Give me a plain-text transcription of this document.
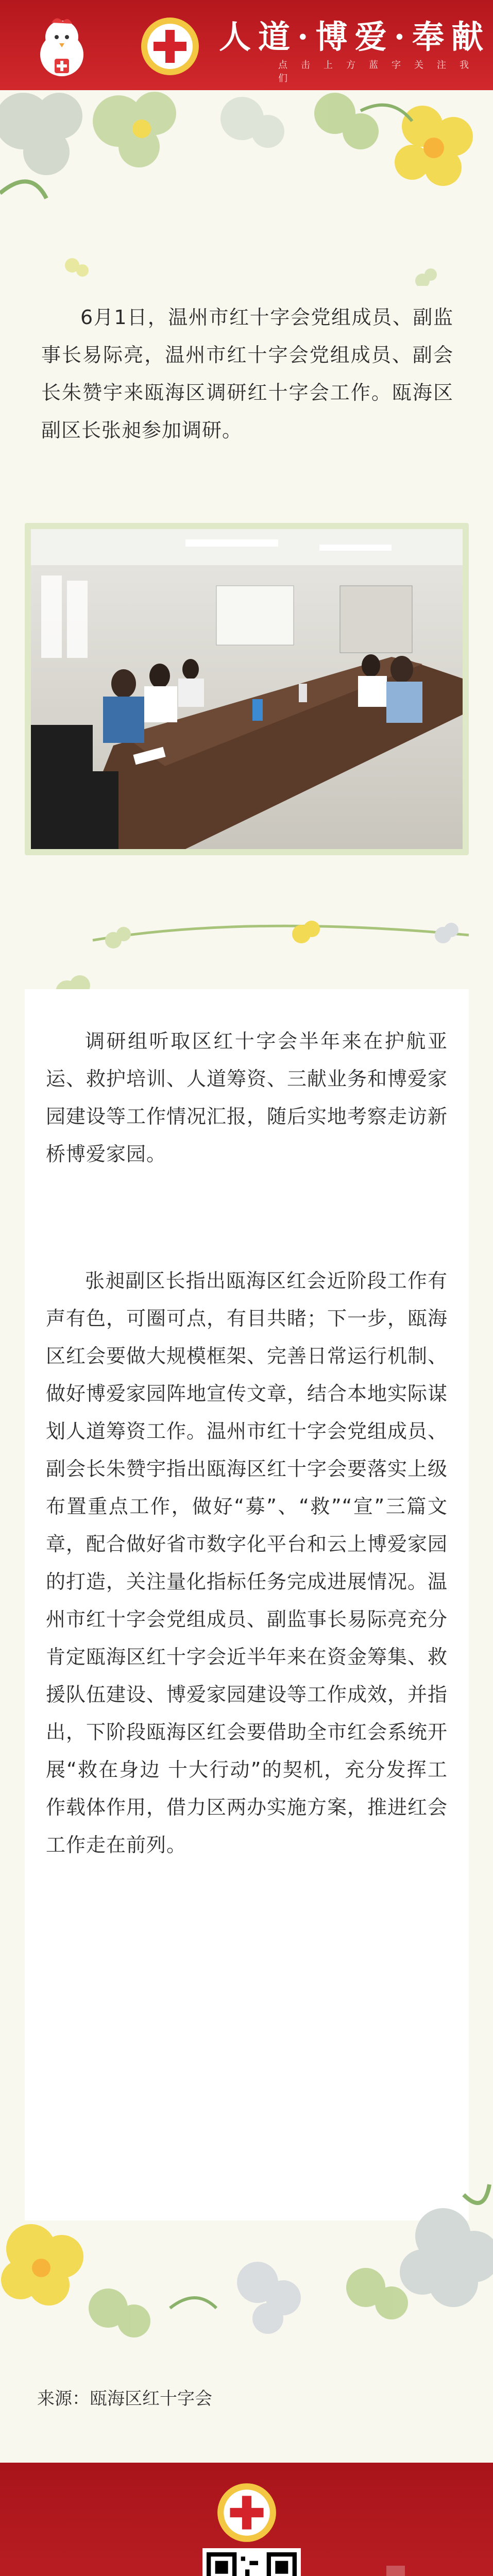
人道·博爱·奉献
点击上方蓝字关注我们
6月1日，温州市红十字会党组成员、副监事长易际亮，温州市红十字会党组成员、副会长朱赞宇来瓯海区调研红十字会工作。瓯海区副区长张昶参加调研。
调研组听取区红十字会半年来在护航亚运、救护培训、人道筹资、三献业务和博爱家园建设等工作情况汇报，随后实地考察走访新桥博爱家园。
张昶副区长指出瓯海区红会近阶段工作有声有色，可圈可点，有目共睹；下一步，瓯海区红会要做大规模框架、完善日常运行机制、做好博爱家园阵地宣传文章，结合本地实际谋划人道筹资工作。温州市红十字会党组成员、副会长朱赞宇指出瓯海区红十字会要落实上级布置重点工作，做好“募”、“救”“宣”三篇文章，配合做好省市数字化平台和云上博爱家园的打造，关注量化指标任务完成进展情况。温州市红十字会党组成员、副监事长易际亮充分肯定瓯海区红十字会近半年来在资金筹集、救援队伍建设、博爱家园建设等工作成效，并指出，下阶段瓯海区红会要借助全市红会系统开展“救在身边 十大行动”的契机，充分发挥工作载体作用，借力区两办实施方案，推进红会工作走在前列。
来源：瓯海区红十字会
